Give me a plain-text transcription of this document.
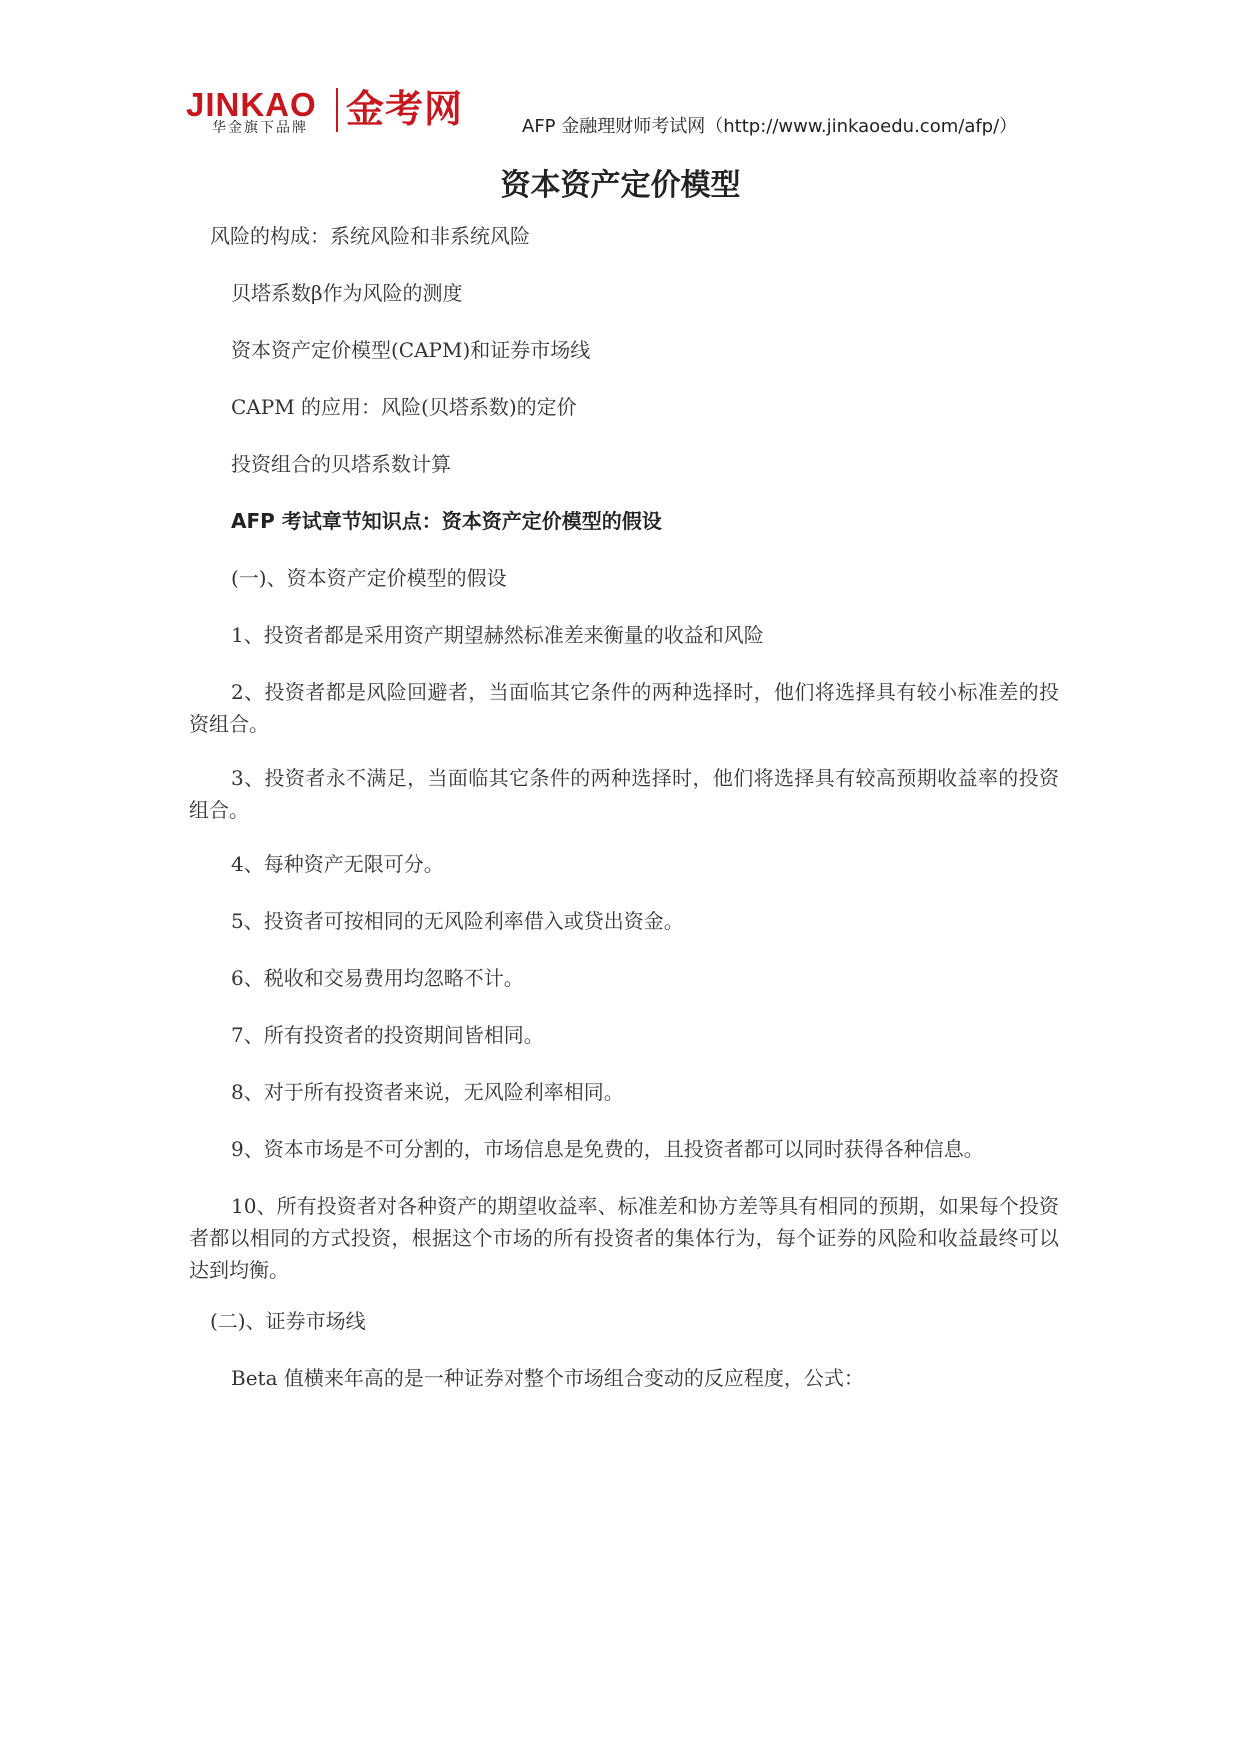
JINKAO
华金旗下品牌 金考网	AFP 金融理财师考试网（http://www.jinkaoedu.com/afp/）
资本资产定价模型
风险的构成：系统风险和非系统风险
贝塔系数β作为风险的测度
资本资产定价模型(CAPM)和证券市场线
CAPM 的应用：风险(贝塔系数)的定价
投资组合的贝塔系数计算
AFP 考试章节知识点：资本资产定价模型的假设
(一)、资本资产定价模型的假设
1、投资者都是采用资产期望赫然标准差来衡量的收益和风险
2、投资者都是风险回避者，当面临其它条件的两种选择时，他们将选择具有较小标准差的投资组合。
3、投资者永不满足，当面临其它条件的两种选择时，他们将选择具有较高预期收益率的投资组合。
4、每种资产无限可分。
5、投资者可按相同的无风险利率借入或贷出资金。
6、税收和交易费用均忽略不计。
7、所有投资者的投资期间皆相同。
8、对于所有投资者来说，无风险利率相同。
9、资本市场是不可分割的，市场信息是免费的，且投资者都可以同时获得各种信息。
10、所有投资者对各种资产的期望收益率、标准差和协方差等具有相同的预期，如果每个投资者都以相同的方式投资，根据这个市场的所有投资者的集体行为，每个证券的风险和收益最终可以达到均衡。
(二)、证券市场线
Beta 值横来年高的是一种证券对整个市场组合变动的反应程度，公式：
